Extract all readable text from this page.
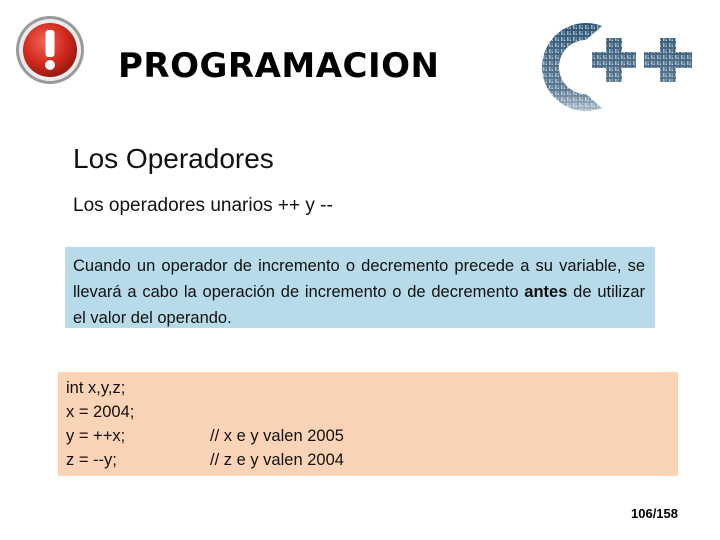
PROGRAMACION
Los Operadores
Los operadores unarios ++ y --
Cuando un operador de incremento o decremento precede a su variable, se llevará a cabo la operación de incremento o de decremento antes de utilizar el valor del operando.
int x,y,z;
x = 2004;
y = ++x;	// x e y valen 2005
z = --y;	// z e y valen 2004
106/158
